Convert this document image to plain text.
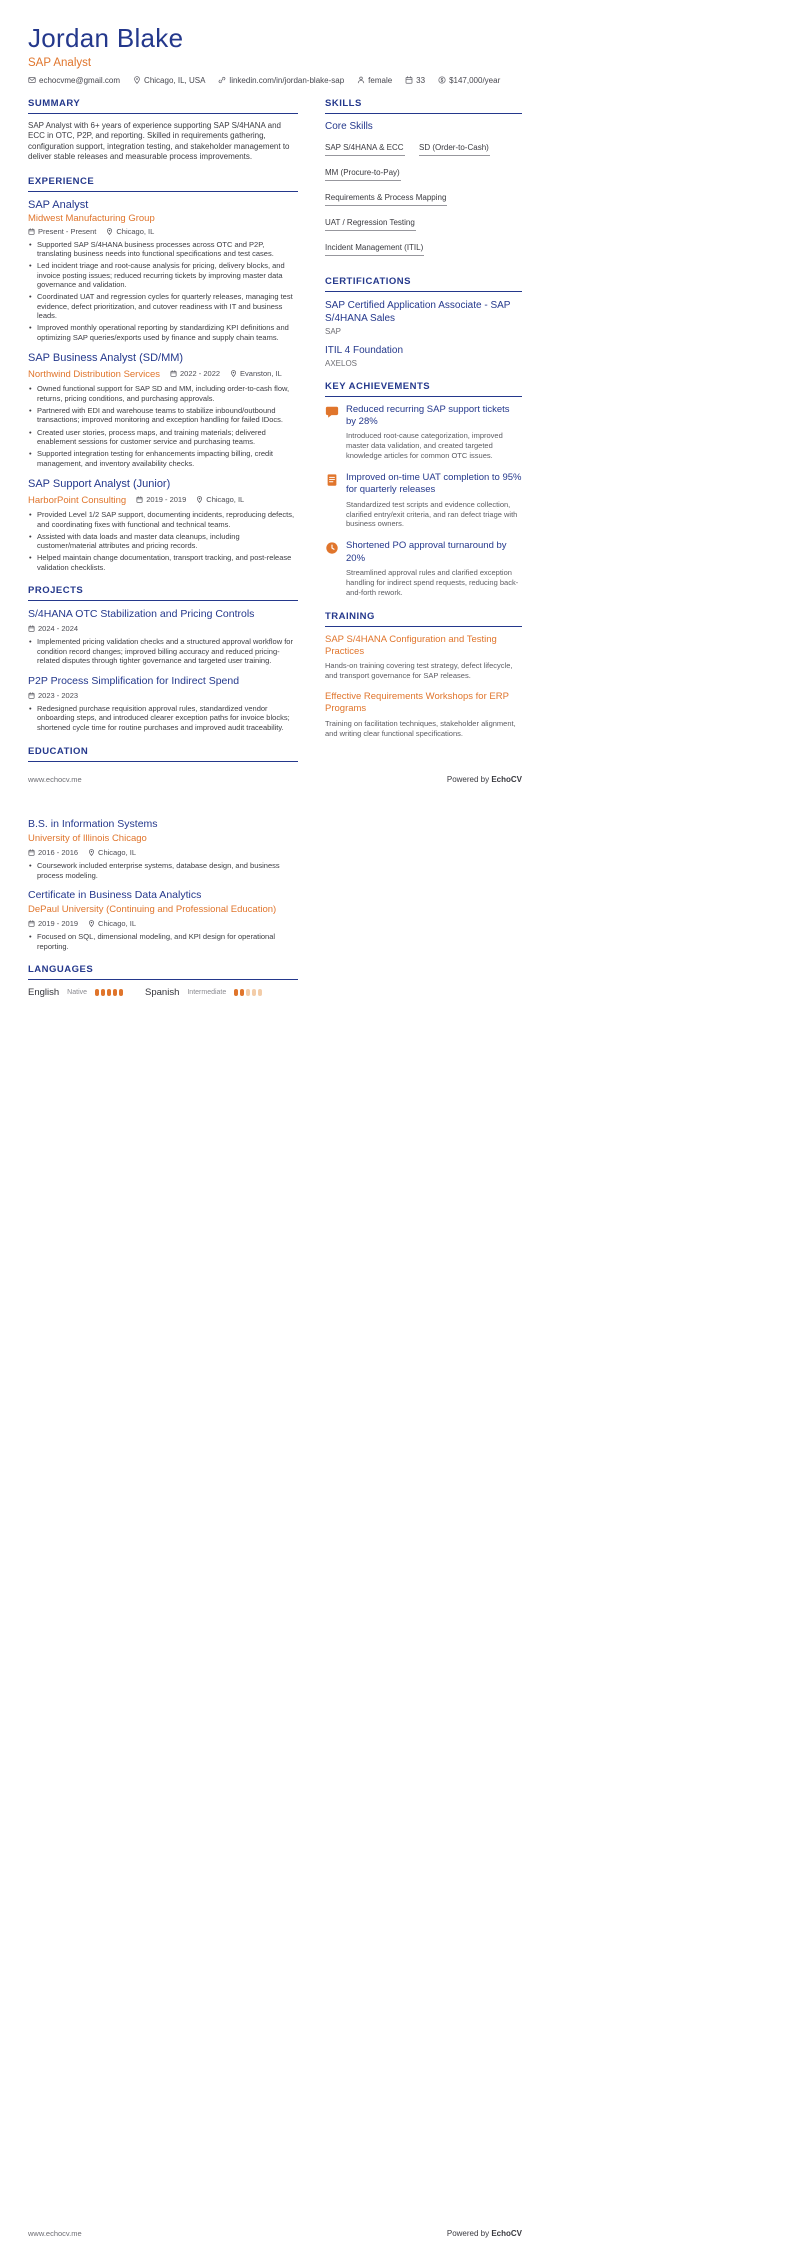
Jordan Blake
SAP Analyst
echocvme@gmail.com	Chicago, IL, USA	linkedin.com/in/jordan-blake-sap	female	33	$147,000/year
SUMMARY

SAP Analyst with 6+ years of experience supporting SAP S/4HANA and ECC in OTC, P2P, and reporting. Skilled in requirements gathering, configuration support, integration testing, and stakeholder management to deliver stable releases and measurable process improvements.

EXPERIENCE
SAP Analyst
Midwest Manufacturing Group
Present - Present	Chicago, IL
• Supported SAP S/4HANA business processes across OTC and P2P, translating business needs into functional specifications and test cases.
• Led incident triage and root-cause analysis for pricing, delivery blocks, and invoice posting issues; reduced recurring tickets by improving master data governance and validation.
• Coordinated UAT and regression cycles for quarterly releases, managing test evidence, defect prioritization, and cutover readiness with IT and business leads.
• Improved monthly operational reporting by standardizing KPI definitions and optimizing SAP queries/exports used by finance and supply chain teams.
SAP Business Analyst (SD/MM)
Northwind Distribution Services	2022 - 2022	Evanston, IL
• Owned functional support for SAP SD and MM, including order-to-cash flow, returns, pricing conditions, and purchasing approvals.
• Partnered with EDI and warehouse teams to stabilize inbound/outbound transactions; improved monitoring and exception handling for failed IDocs.
• Created user stories, process maps, and training materials; delivered enablement sessions for customer service and purchasing teams.
• Supported integration testing for enhancements impacting billing, credit management, and inventory availability checks.
SAP Support Analyst (Junior)
HarborPoint Consulting	2019 - 2019	Chicago, IL
• Provided Level 1/2 SAP support, documenting incidents, reproducing defects, and coordinating fixes with functional and technical teams.
• Assisted with data loads and master data cleanups, including customer/material attributes and pricing records.
• Helped maintain change documentation, transport tracking, and post-release validation checklists.
PROJECTS
S/4HANA OTC Stabilization and Pricing Controls
2024 - 2024
• Implemented pricing validation checks and a structured approval workflow for condition record changes; improved billing accuracy and reduced pricing-related disputes through tighter governance and targeted user training.
P2P Process Simplification for Indirect Spend
2023 - 2023
• Redesigned purchase requisition approval rules, standardized vendor onboarding steps, and introduced clearer exception paths for invoice blocks; shortened cycle time for routine purchases and improved audit traceability.
EDUCATION
SKILLS
Core Skills
SAP S/4HANA & ECC SD (Order-to-Cash) MM (Procure-to-Pay) Requirements & Process Mapping UAT / Regression Testing Incident Management (ITIL)
CERTIFICATIONS
SAP Certified Application Associate - SAP S/4HANA Sales
SAP
ITIL 4 Foundation
AXELOS
KEY ACHIEVEMENTS
Reduced recurring SAP support tickets by 28%
Introduced root-cause categorization, improved master data validation, and created targeted knowledge articles for common OTC issues.
Improved on-time UAT completion to 95% for quarterly releases
Standardized test scripts and evidence collection, clarified entry/exit criteria, and ran defect triage with business owners.
Shortened PO approval turnaround by 20%
Streamlined approval rules and clarified exception handling for indirect spend requests, reducing back-and-forth rework.
TRAINING
SAP S/4HANA Configuration and Testing Practices
Hands-on training covering test strategy, defect lifecycle, and transport governance for SAP releases.
Effective Requirements Workshops for ERP Programs
Training on facilitation techniques, stakeholder alignment, and writing clear functional specifications.
www.echocv.me	Powered by EchoCV
B.S. in Information Systems
University of Illinois Chicago
2016 - 2016	Chicago, IL
• Coursework included enterprise systems, database design, and business process modeling.
Certificate in Business Data Analytics
DePaul University (Continuing and Professional Education)
2019 - 2019	Chicago, IL
• Focused on SQL, dimensional modeling, and KPI design for operational reporting.
LANGUAGES
English Native	Spanish Intermediate
www.echocv.me	Powered by EchoCV
